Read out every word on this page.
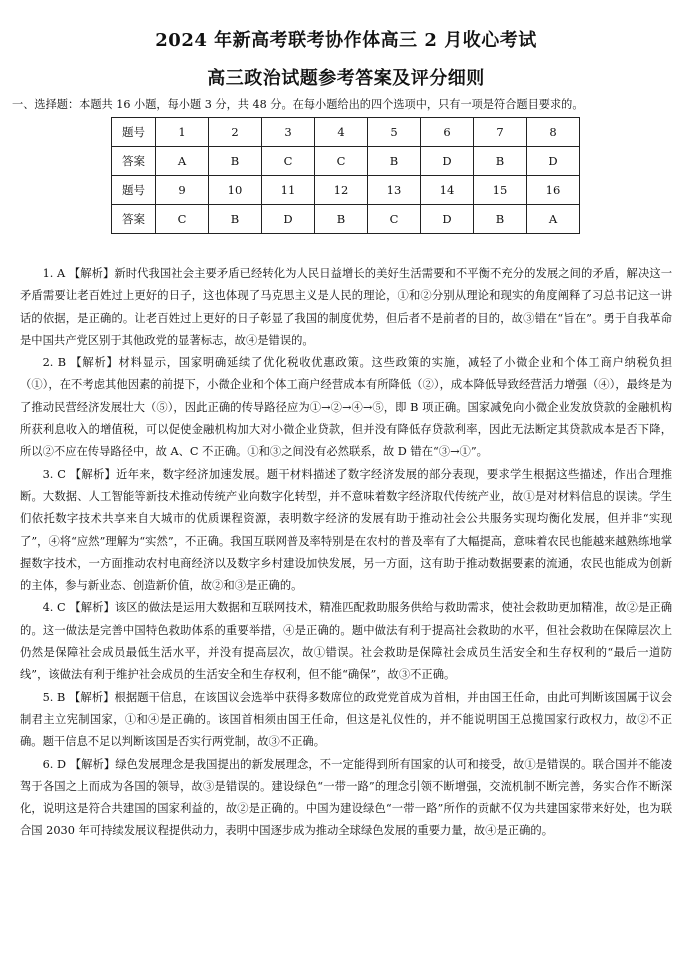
2024 年新高考联考协作体高三 2 月收心考试
高三政治试题参考答案及评分细则
一、选择题：本题共 16 小题，每小题 3 分，共 48 分。在每小题给出的四个选项中，只有一项是符合题目要求的。
题号	1	2	3	4	5	6	7	8
答案	A	B	C	C	B	D	B	D
题号	9	10	11	12	13	14	15	16
答案	C	B	D	B	C	D	B	A

1. A 【解析】新时代我国社会主要矛盾已经转化为人民日益增长的美好生活需要和不平衡不充分的发展之间的矛盾，解决这一矛盾需要让老百姓过上更好的日子，这也体现了马克思主义是人民的理论，①和②分别从理论和现实的角度阐释了习总书记这一讲话的依据，是正确的。让老百姓过上更好的日子彰显了我国的制度优势，但后者不是前者的目的，故③错在“旨在”。勇于自我革命是中国共产党区别于其他政党的显著标志，故④是错误的。

2. B 【解析】材料显示，国家明确延续了优化税收优惠政策。这些政策的实施，减轻了小微企业和个体工商户纳税负担（①），在不考虑其他因素的前提下，小微企业和个体工商户经营成本有所降低（②），成本降低导致经营活力增强（④），最终是为了推动民营经济发展壮大（⑤），因此正确的传导路径应为①→②→④→⑤，即 B 项正确。国家减免向小微企业发放贷款的金融机构所获利息收入的增值税，可以促使金融机构加大对小微企业贷款，但并没有降低存贷款利率，因此无法断定其贷款成本是否下降，所以②不应在传导路径中，故 A、C 不正确。①和③之间没有必然联系，故 D 错在“③→①”。

3. C 【解析】近年来，数字经济加速发展。题干材料描述了数字经济发展的部分表现，要求学生根据这些描述，作出合理推断。大数据、人工智能等新技术推动传统产业向数字化转型，并不意味着数字经济取代传统产业，故①是对材料信息的误读。学生们依托数字技术共享来自大城市的优质课程资源，表明数字经济的发展有助于推动社会公共服务实现均衡化发展，但并非“实现了”，④将“应然”理解为“实然”，不正确。我国互联网普及率特别是在农村的普及率有了大幅提高，意味着农民也能越来越熟练地掌握数字技术，一方面推动农村电商经济以及数字乡村建设加快发展，另一方面，这有助于推动数据要素的流通，农民也能成为创新的主体，参与新业态、创造新价值，故②和③是正确的。

4. C 【解析】该区的做法是运用大数据和互联网技术，精准匹配救助服务供给与救助需求，使社会救助更加精准，故②是正确的。这一做法是完善中国特色救助体系的重要举措，④是正确的。题中做法有利于提高社会救助的水平，但社会救助在保障层次上仍然是保障社会成员最低生活水平，并没有提高层次，故①错误。社会救助是保障社会成员生活安全和生存权利的“最后一道防线”，该做法有利于维护社会成员的生活安全和生存权利，但不能“确保”，故③不正确。

5. B 【解析】根据题干信息，在该国议会选举中获得多数席位的政党党首成为首相，并由国王任命，由此可判断该国属于议会制君主立宪制国家，①和④是正确的。该国首相须由国王任命，但这是礼仪性的，并不能说明国王总揽国家行政权力，故②不正确。题干信息不足以判断该国是否实行两党制，故③不正确。

6. D 【解析】绿色发展理念是我国提出的新发展理念，不一定能得到所有国家的认可和接受，故①是错误的。联合国并不能凌驾于各国之上而成为各国的领导，故③是错误的。建设绿色“一带一路”的理念引领不断增强，交流机制不断完善，务实合作不断深化，说明这是符合共建国的国家利益的，故②是正确的。中国为建设绿色“一带一路”所作的贡献不仅为共建国家带来好处，也为联合国 2030 年可持续发展议程提供动力，表明中国逐步成为推动全球绿色发展的重要力量，故④是正确的。
